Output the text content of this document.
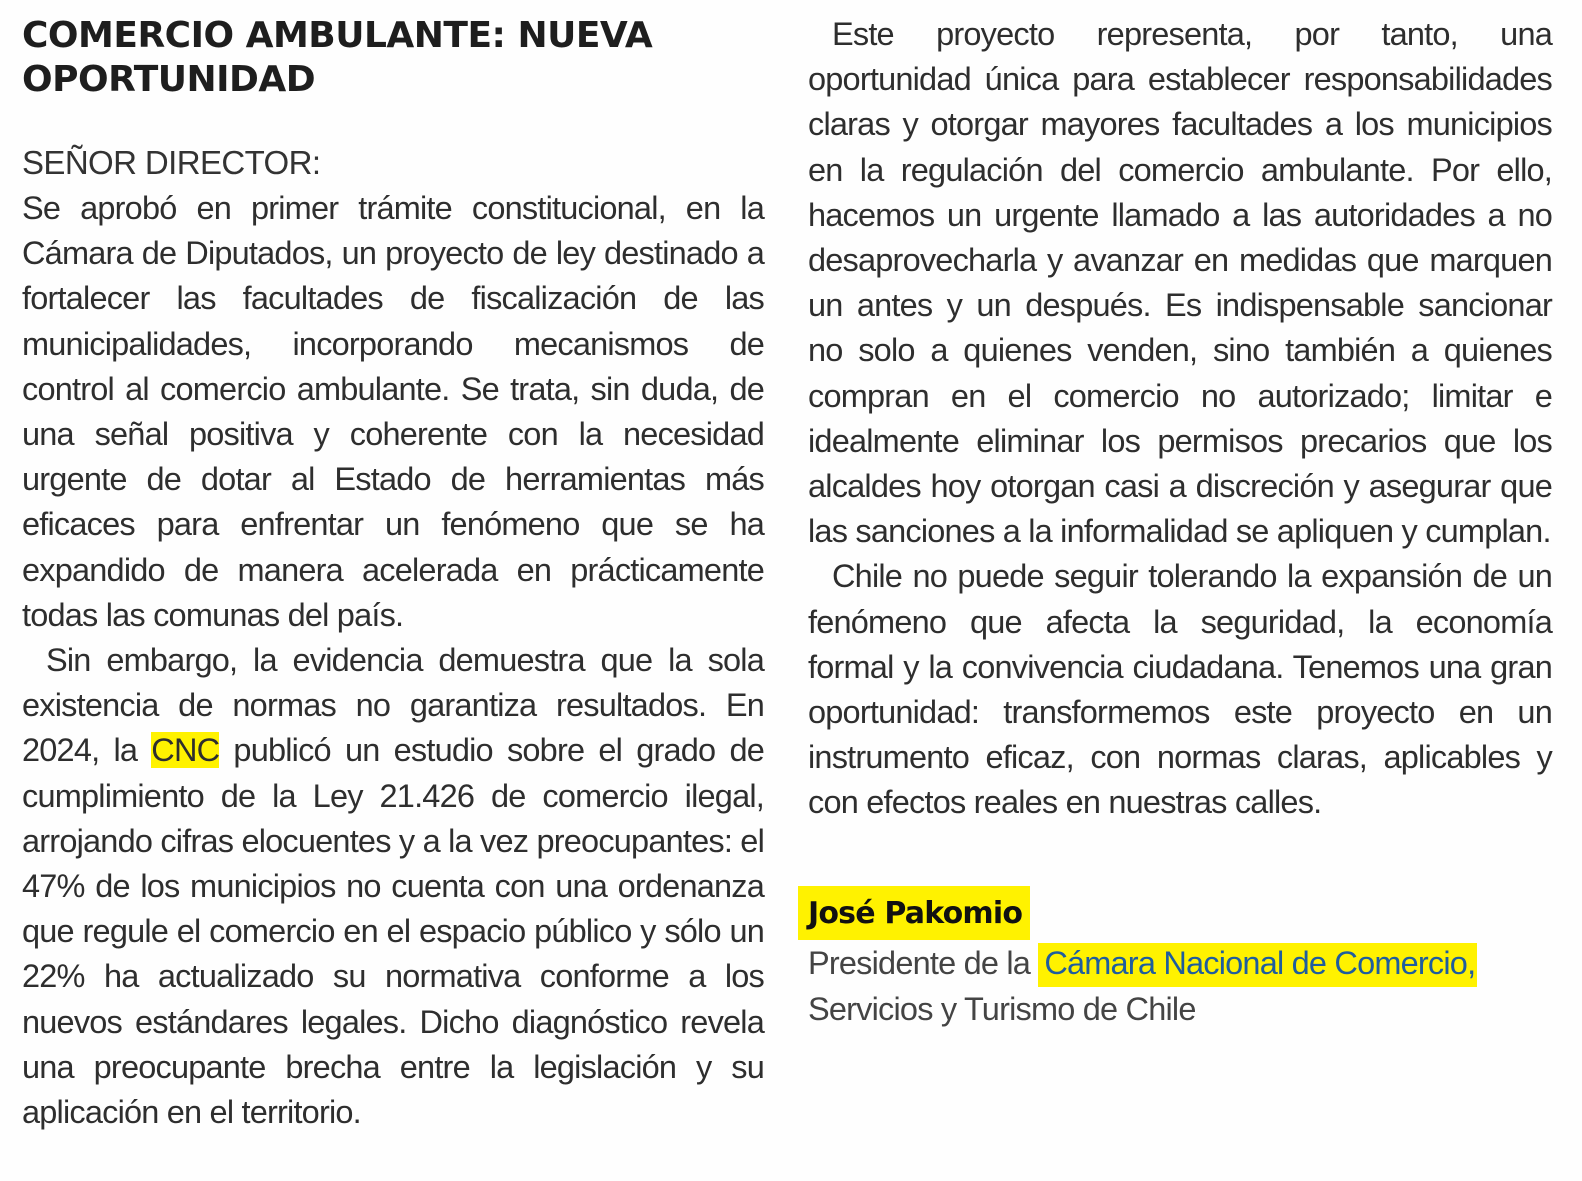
COMERCIO AMBULANTE: NUEVA OPORTUNIDAD

SEÑOR DIRECTOR:

Se aprobó en primer trámite constitucional, en la Cámara de Diputados, un proyecto de ley destinado a fortalecer las facultades de fiscalización de las municipalidades, incorporando mecanismos de control al comercio ambulante. Se trata, sin duda, de una señal positiva y coherente con la necesidad urgente de dotar al Estado de herramientas más eficaces para enfrentar un fenómeno que se ha expandido de manera acelerada en prácticamente todas las comunas del país.

Sin embargo, la evidencia demuestra que la sola existencia de normas no garantiza resultados. En 2024, la CNC publicó un estudio sobre el grado de cumplimiento de la Ley 21.426 de comercio ilegal, arrojando cifras elocuentes y a la vez preocupantes: el 47% de los municipios no cuenta con una ordenanza que regule el comercio en el espacio público y sólo un 22% ha actualizado su normativa conforme a los nuevos estándares legales. Dicho diagnóstico revela una preocupante brecha entre la legislación y su aplicación en el territorio.

Este proyecto representa, por tanto, una oportunidad única para establecer responsabilidades claras y otorgar mayores facultades a los municipios en la regulación del comercio ambulante. Por ello, hacemos un urgente llamado a las autoridades a no desaprovecharla y avanzar en medidas que marquen un antes y un después. Es indispensable sancionar no solo a quienes venden, sino también a quienes compran en el comercio no autorizado; limitar e idealmente eliminar los permisos precarios que los alcaldes hoy otorgan casi a discreción y asegurar que las sanciones a la informalidad se apliquen y cumplan.

Chile no puede seguir tolerando la expansión de un fenómeno que afecta la seguridad, la economía formal y la convivencia ciudadana. Tenemos una gran oportunidad: transformemos este proyecto en un instrumento eficaz, con normas claras, aplicables y con efectos reales en nuestras calles.

José Pakomio

Presidente de la Cámara Nacional de Comercio,
Servicios y Turismo de Chile
